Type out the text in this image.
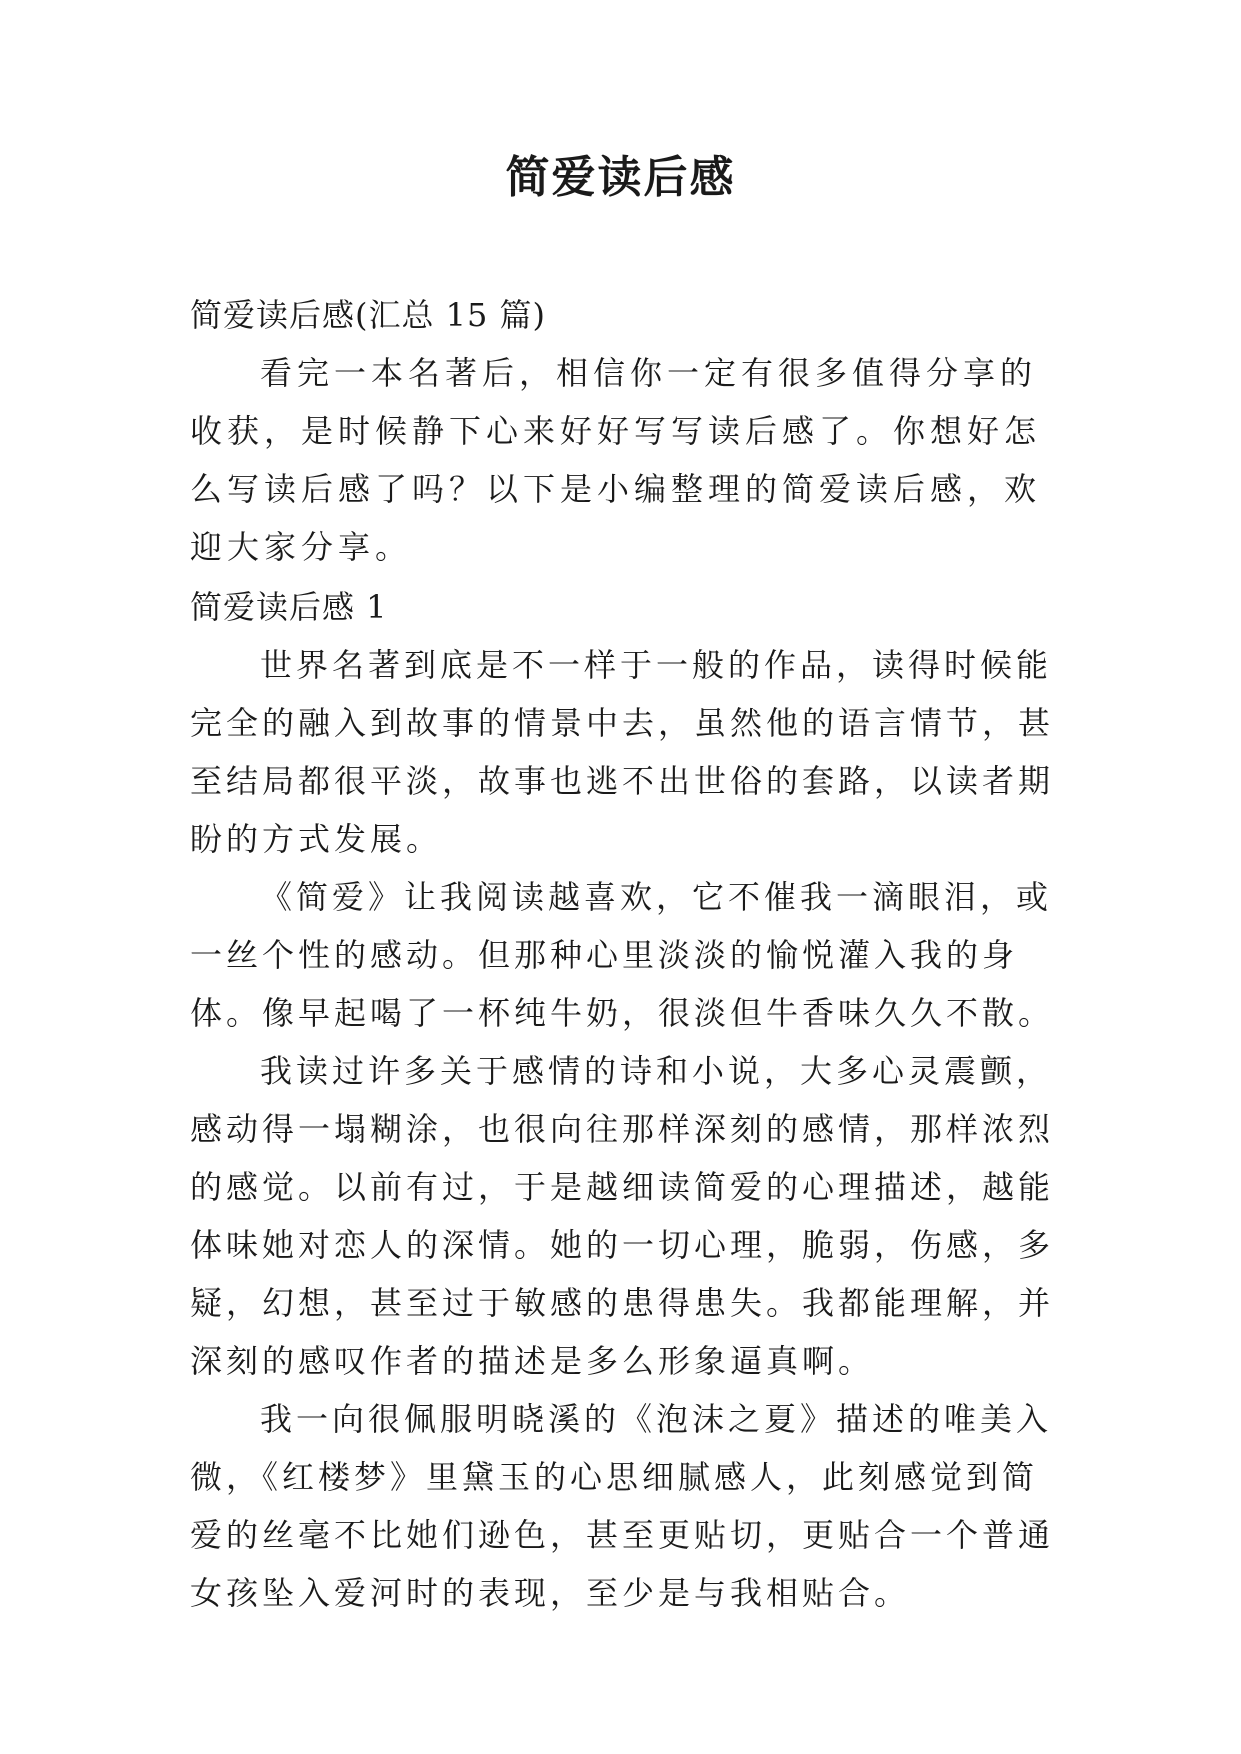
简爱读后感

简爱读后感(汇总 15 篇)

看完一本名著后，相信你一定有很多值得分享的收获，是时候静下心来好好写写读后感了。你想好怎么写读后感了吗？以下是小编整理的简爱读后感，欢迎大家分享。

简爱读后感 1

世界名著到底是不一样于一般的作品，读得时候能完全的融入到故事的情景中去，虽然他的语言情节，甚至结局都很平淡，故事也逃不出世俗的套路，以读者期盼的方式发展。

《简爱》让我阅读越喜欢，它不催我一滴眼泪，或一丝个性的感动。但那种心里淡淡的愉悦灌入我的身体。像早起喝了一杯纯牛奶，很淡但牛香味久久不散。

我读过许多关于感情的诗和小说，大多心灵震颤，感动得一塌糊涂，也很向往那样深刻的感情，那样浓烈的感觉。以前有过，于是越细读简爱的心理描述，越能体味她对恋人的深情。她的一切心理，脆弱，伤感，多疑，幻想，甚至过于敏感的患得患失。我都能理解，并深刻的感叹作者的描述是多么形象逼真啊。

我一向很佩服明晓溪的《泡沫之夏》描述的唯美入微，《红楼梦》里黛玉的心思细腻感人，此刻感觉到简爱的丝毫不比她们逊色，甚至更贴切，更贴合一个普通女孩坠入爱河时的表现，至少是与我相贴合。
